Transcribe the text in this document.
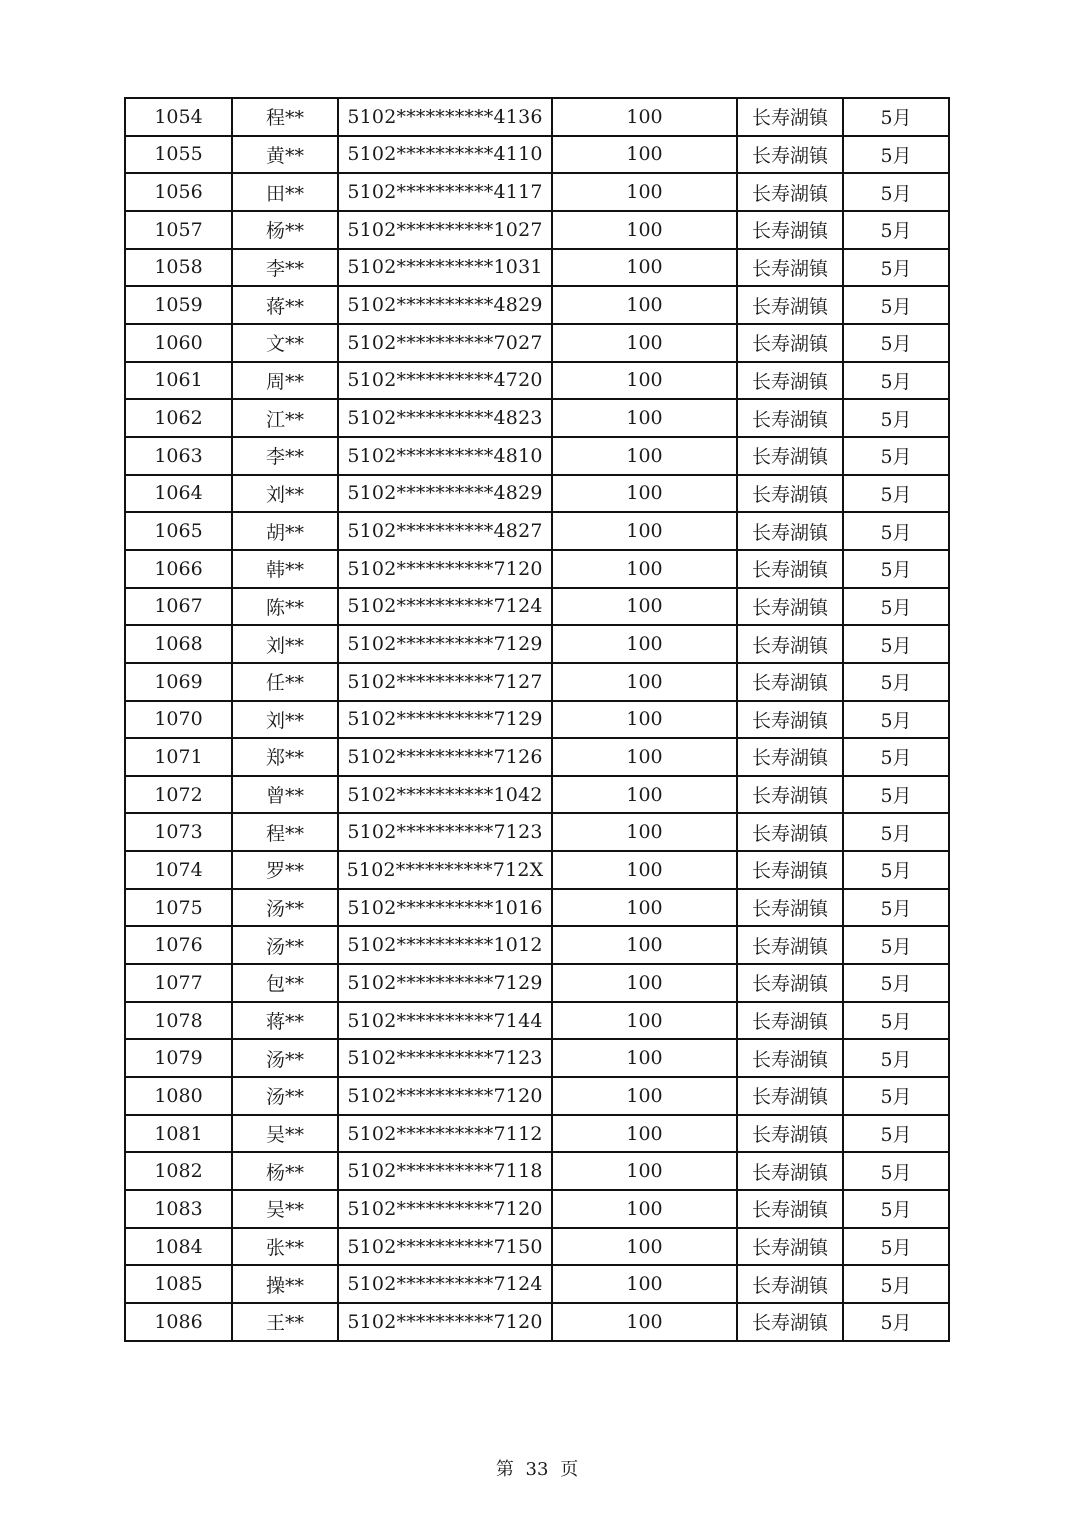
1054	程**	5102**********4136	100	长寿湖镇	5月
1055	黄**	5102**********4110	100	长寿湖镇	5月
1056	田**	5102**********4117	100	长寿湖镇	5月
1057	杨**	5102**********1027	100	长寿湖镇	5月
1058	李**	5102**********1031	100	长寿湖镇	5月
1059	蒋**	5102**********4829	100	长寿湖镇	5月
1060	文**	5102**********7027	100	长寿湖镇	5月
1061	周**	5102**********4720	100	长寿湖镇	5月
1062	江**	5102**********4823	100	长寿湖镇	5月
1063	李**	5102**********4810	100	长寿湖镇	5月
1064	刘**	5102**********4829	100	长寿湖镇	5月
1065	胡**	5102**********4827	100	长寿湖镇	5月
1066	韩**	5102**********7120	100	长寿湖镇	5月
1067	陈**	5102**********7124	100	长寿湖镇	5月
1068	刘**	5102**********7129	100	长寿湖镇	5月
1069	任**	5102**********7127	100	长寿湖镇	5月
1070	刘**	5102**********7129	100	长寿湖镇	5月
1071	郑**	5102**********7126	100	长寿湖镇	5月
1072	曾**	5102**********1042	100	长寿湖镇	5月
1073	程**	5102**********7123	100	长寿湖镇	5月
1074	罗**	5102**********712X	100	长寿湖镇	5月
1075	汤**	5102**********1016	100	长寿湖镇	5月
1076	汤**	5102**********1012	100	长寿湖镇	5月
1077	包**	5102**********7129	100	长寿湖镇	5月
1078	蒋**	5102**********7144	100	长寿湖镇	5月
1079	汤**	5102**********7123	100	长寿湖镇	5月
1080	汤**	5102**********7120	100	长寿湖镇	5月
1081	吴**	5102**********7112	100	长寿湖镇	5月
1082	杨**	5102**********7118	100	长寿湖镇	5月
1083	吴**	5102**********7120	100	长寿湖镇	5月
1084	张**	5102**********7150	100	长寿湖镇	5月
1085	操**	5102**********7124	100	长寿湖镇	5月
1086	王**	5102**********7120	100	长寿湖镇	5月
第 33 页
